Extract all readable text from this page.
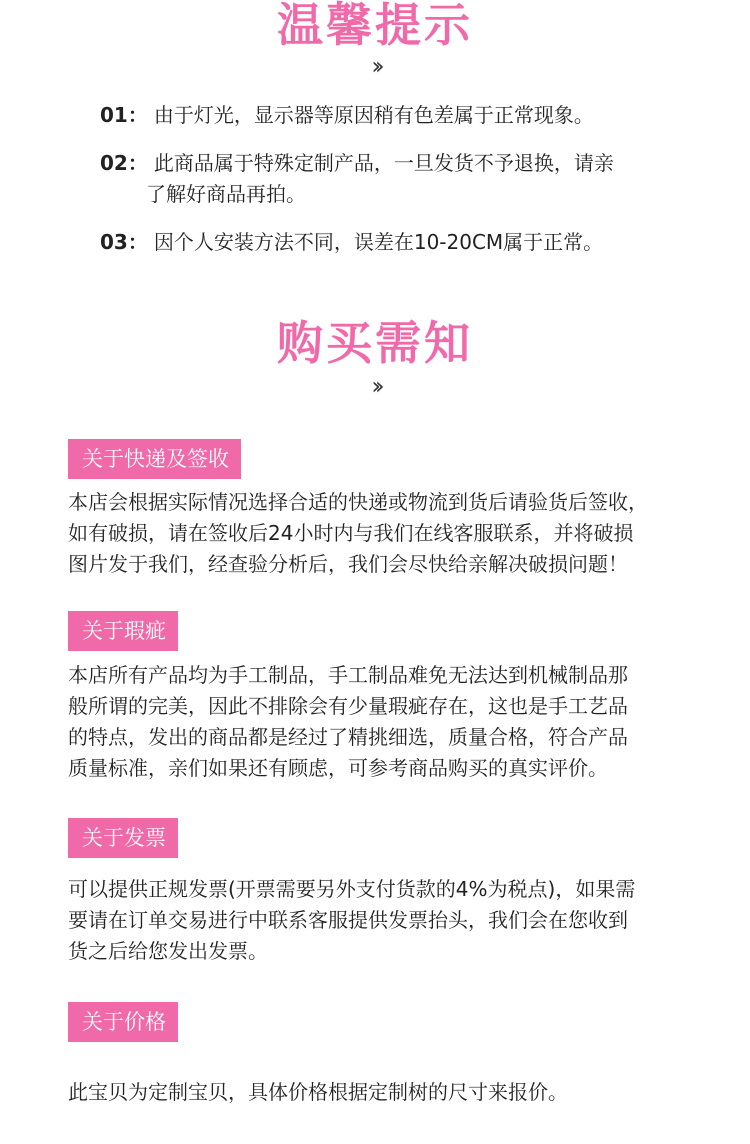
温馨提示
››
01： 由于灯光，显示器等原因稍有色差属于正常现象。
02： 此商品属于特殊定制产品，一旦发货不予退换，请亲
了解好商品再拍。
03： 因个人安装方法不同，误差在10-20CM属于正常。
购买需知
››
关于快递及签收
本店会根据实际情况选择合适的快递或物流到货后请验货后签收，
如有破损，请在签收后24小时内与我们在线客服联系，并将破损
图片发于我们，经查验分析后，我们会尽快给亲解决破损问题！
关于瑕疵
本店所有产品均为手工制品，手工制品难免无法达到机械制品那
般所谓的完美，因此不排除会有少量瑕疵存在，这也是手工艺品
的特点，发出的商品都是经过了精挑细选，质量合格，符合产品
质量标准，亲们如果还有顾虑，可参考商品购买的真实评价。
关于发票
可以提供正规发票(开票需要另外支付货款的4%为税点)，如果需
要请在订单交易进行中联系客服提供发票抬头，我们会在您收到
货之后给您发出发票。
关于价格
此宝贝为定制宝贝，具体价格根据定制树的尺寸来报价。
